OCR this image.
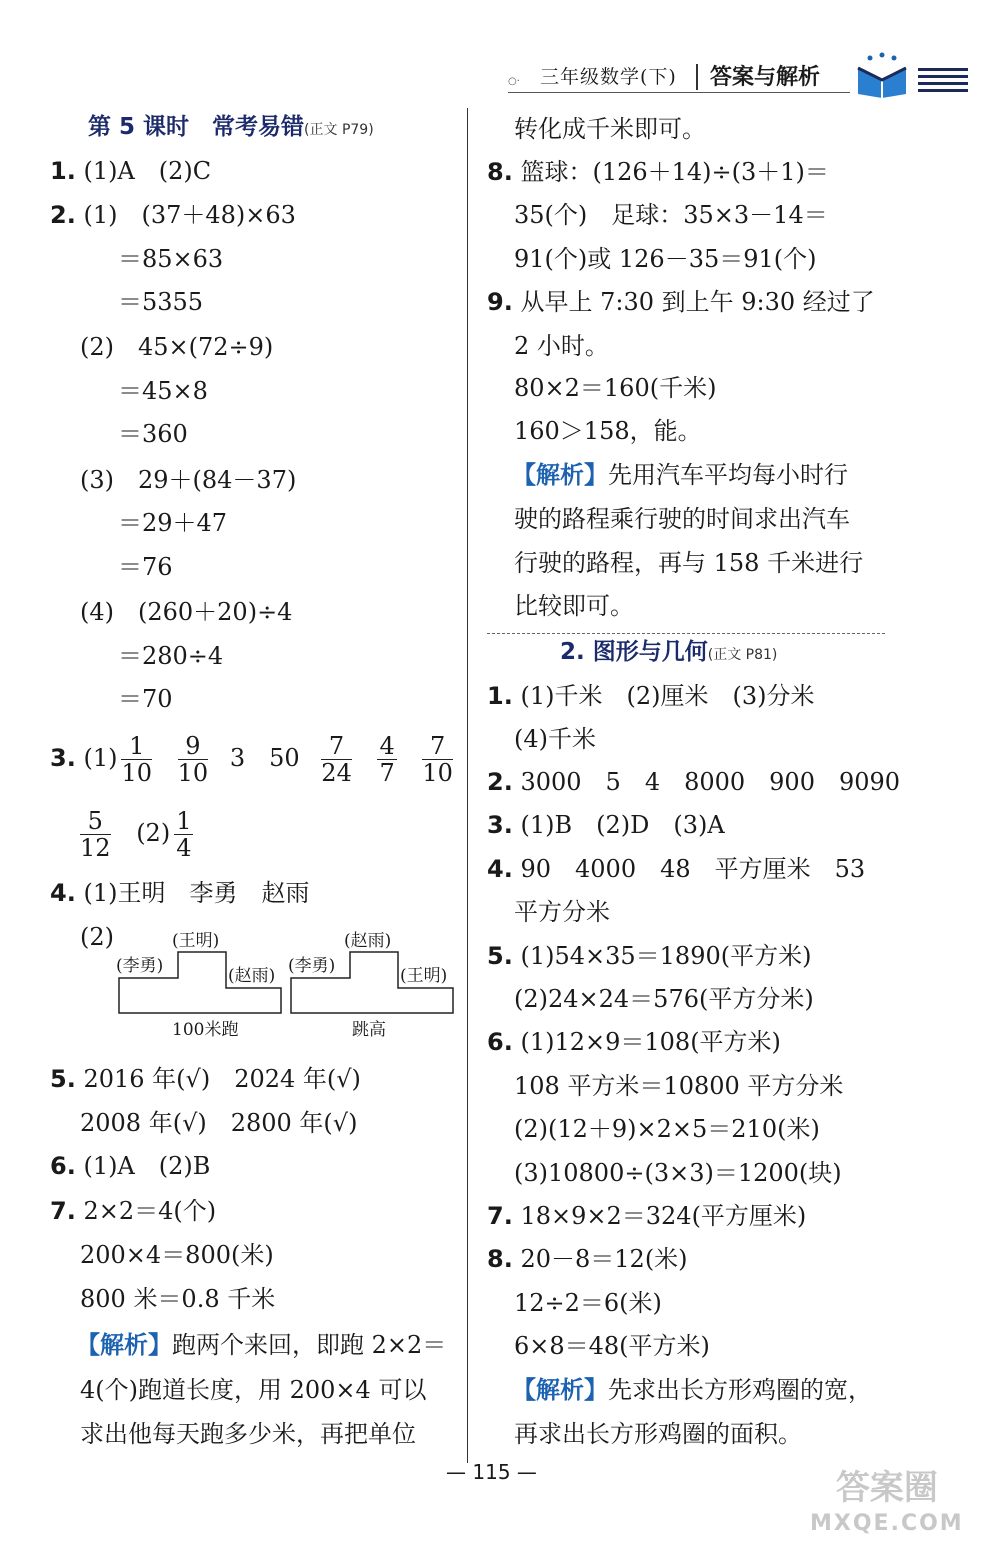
○· 三年级数学(下) 答案与解析
第 5 课时　常考易错(正文 P79)
1. (1)A　(2)C
2. (1)　(37＋48)×63
＝85×63
＝5355
(2)　45×(72÷9)
＝45×8
＝360
(3)　29＋(84－37)
＝29＋47
＝76
(4)　(260＋20)÷4
＝280÷4
＝70
3. $(1) \frac{1}{10}$
$\frac{9}{10} 3$　$50 \frac{7}{24}$
$\frac{4}{7}$
$\frac{7}{10}$
$\frac{5}{12} (2) \frac{1}{4}$
4. (1)王明　李勇　赵雨
(2)	(王明)
(李勇)	(赵雨)
100米跑
(赵雨)
(李勇)	(王明)
跳高
5. 2016 年(√)　2024 年(√)
2008 年(√)　2800 年(√)
6. (1)A　(2)B
7. 2×2＝4(个)
200×4＝800(米)
800 米＝0.8 千米
【解析】跑两个来回，即跑 2×2＝
4(个)跑道长度，用 200×4 可以
求出他每天跑多少米，再把单位
转化成千米即可。
8. 篮球：(126＋14)÷(3＋1)＝
35(个)　足球：35×3－14＝
91(个)或 126－35＝91(个)
9. 从早上 7:30 到上午 9:30 经过了
2 小时。
80×2＝160(千米)
160＞158，能。
【解析】先用汽车平均每小时行
驶的路程乘行驶的时间求出汽车
行驶的路程，再与 158 千米进行
比较即可。
2. 图形与几何(正文 P81)
1. (1)千米　(2)厘米　(3)分米
(4)千米
2. 3000　5　4　8000　900　9090
3. (1)B　(2)D　(3)A
4. 90　4000　48　平方厘米　53
平方分米
5. (1)54×35＝1890(平方米)
(2)24×24＝576(平方分米)
6. (1)12×9＝108(平方米)
108 平方米＝10800 平方分米
(2)(12＋9)×2×5＝210(米)
(3)10800÷(3×3)＝1200(块)
7. 18×9×2＝324(平方厘米)
8. 20－8＝12(米)
12÷2＝6(米)
6×8＝48(平方米)
【解析】先求出长方形鸡圈的宽，
再求出长方形鸡圈的面积。
— 115 —	答案圈
MXQE.COM
